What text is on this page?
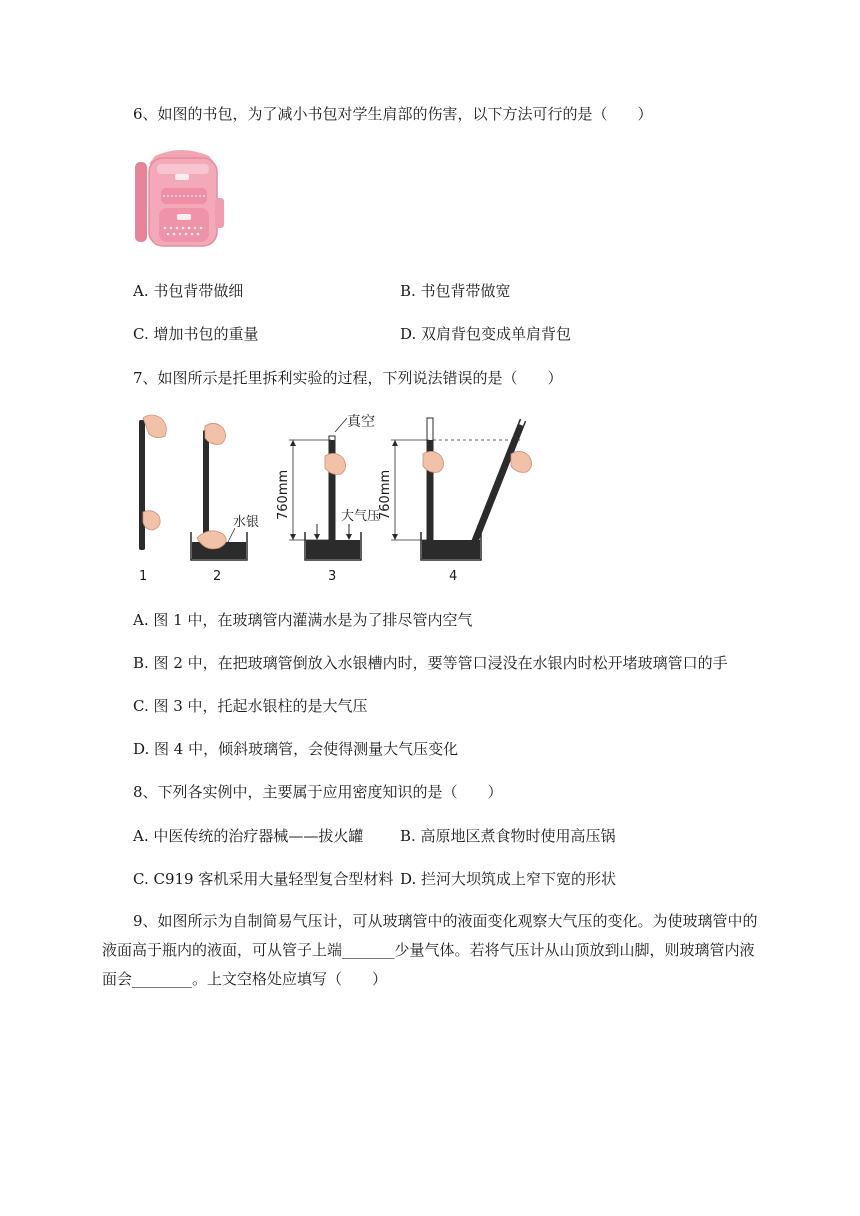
6、如图的书包，为了减小书包对学生肩部的伤害，以下方法可行的是（　　）
A. 书包背带做细	B. 书包背带做宽
C. 增加书包的重量	D. 双肩背包变成单肩背包
7、如图所示是托里拆利实验的过程，下列说法错误的是（　　）
1
水银
2
真空
760mm	大气压
3
760mm
4
A. 图 1 中，在玻璃管内灌满水是为了排尽管内空气
B. 图 2 中，在把玻璃管倒放入水银槽内时，要等管口浸没在水银内时松开堵玻璃管口的手
C. 图 3 中，托起水银柱的是大气压
D. 图 4 中，倾斜玻璃管，会使得测量大气压变化
8、下列各实例中，主要属于应用密度知识的是（　　）
A. 中医传统的治疗器械——拔火罐 B. 高原地区煮食物时使用高压锅
C. C919 客机采用大量轻型复合型材料 D. 拦河大坝筑成上窄下宽的形状
9、如图所示为自制简易气压计，可从玻璃管中的液面变化观察大气压的变化。为使玻璃管中的液面高于瓶内的液面，可从管子上端_______少量气体。若将气压计从山顶放到山脚，则玻璃管内液面会________。上文空格处应填写（　　）
